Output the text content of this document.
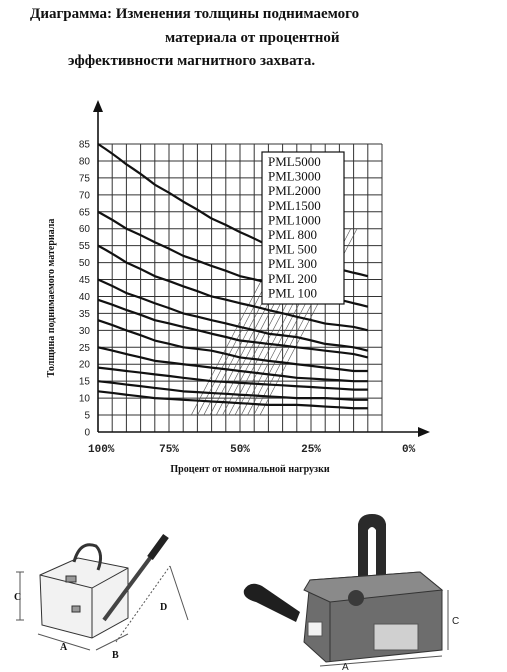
Диаграмма: Изменения толщины поднимаемого
материала от процентной
эффективности магнитного захвата.
PML5000
PML3000
PML2000
PML1500
PML1000
PML 800
PML 500
PML 300
PML 200
PML 100
0
5
10
15
20
25
30
35
40
45
50
55
60
65
70
75
80
85
100%	75%	50%	25%	0%
Процент от номинальной нагрузки
Толщина поднимаемого материала
C
A
B
D
C
A
